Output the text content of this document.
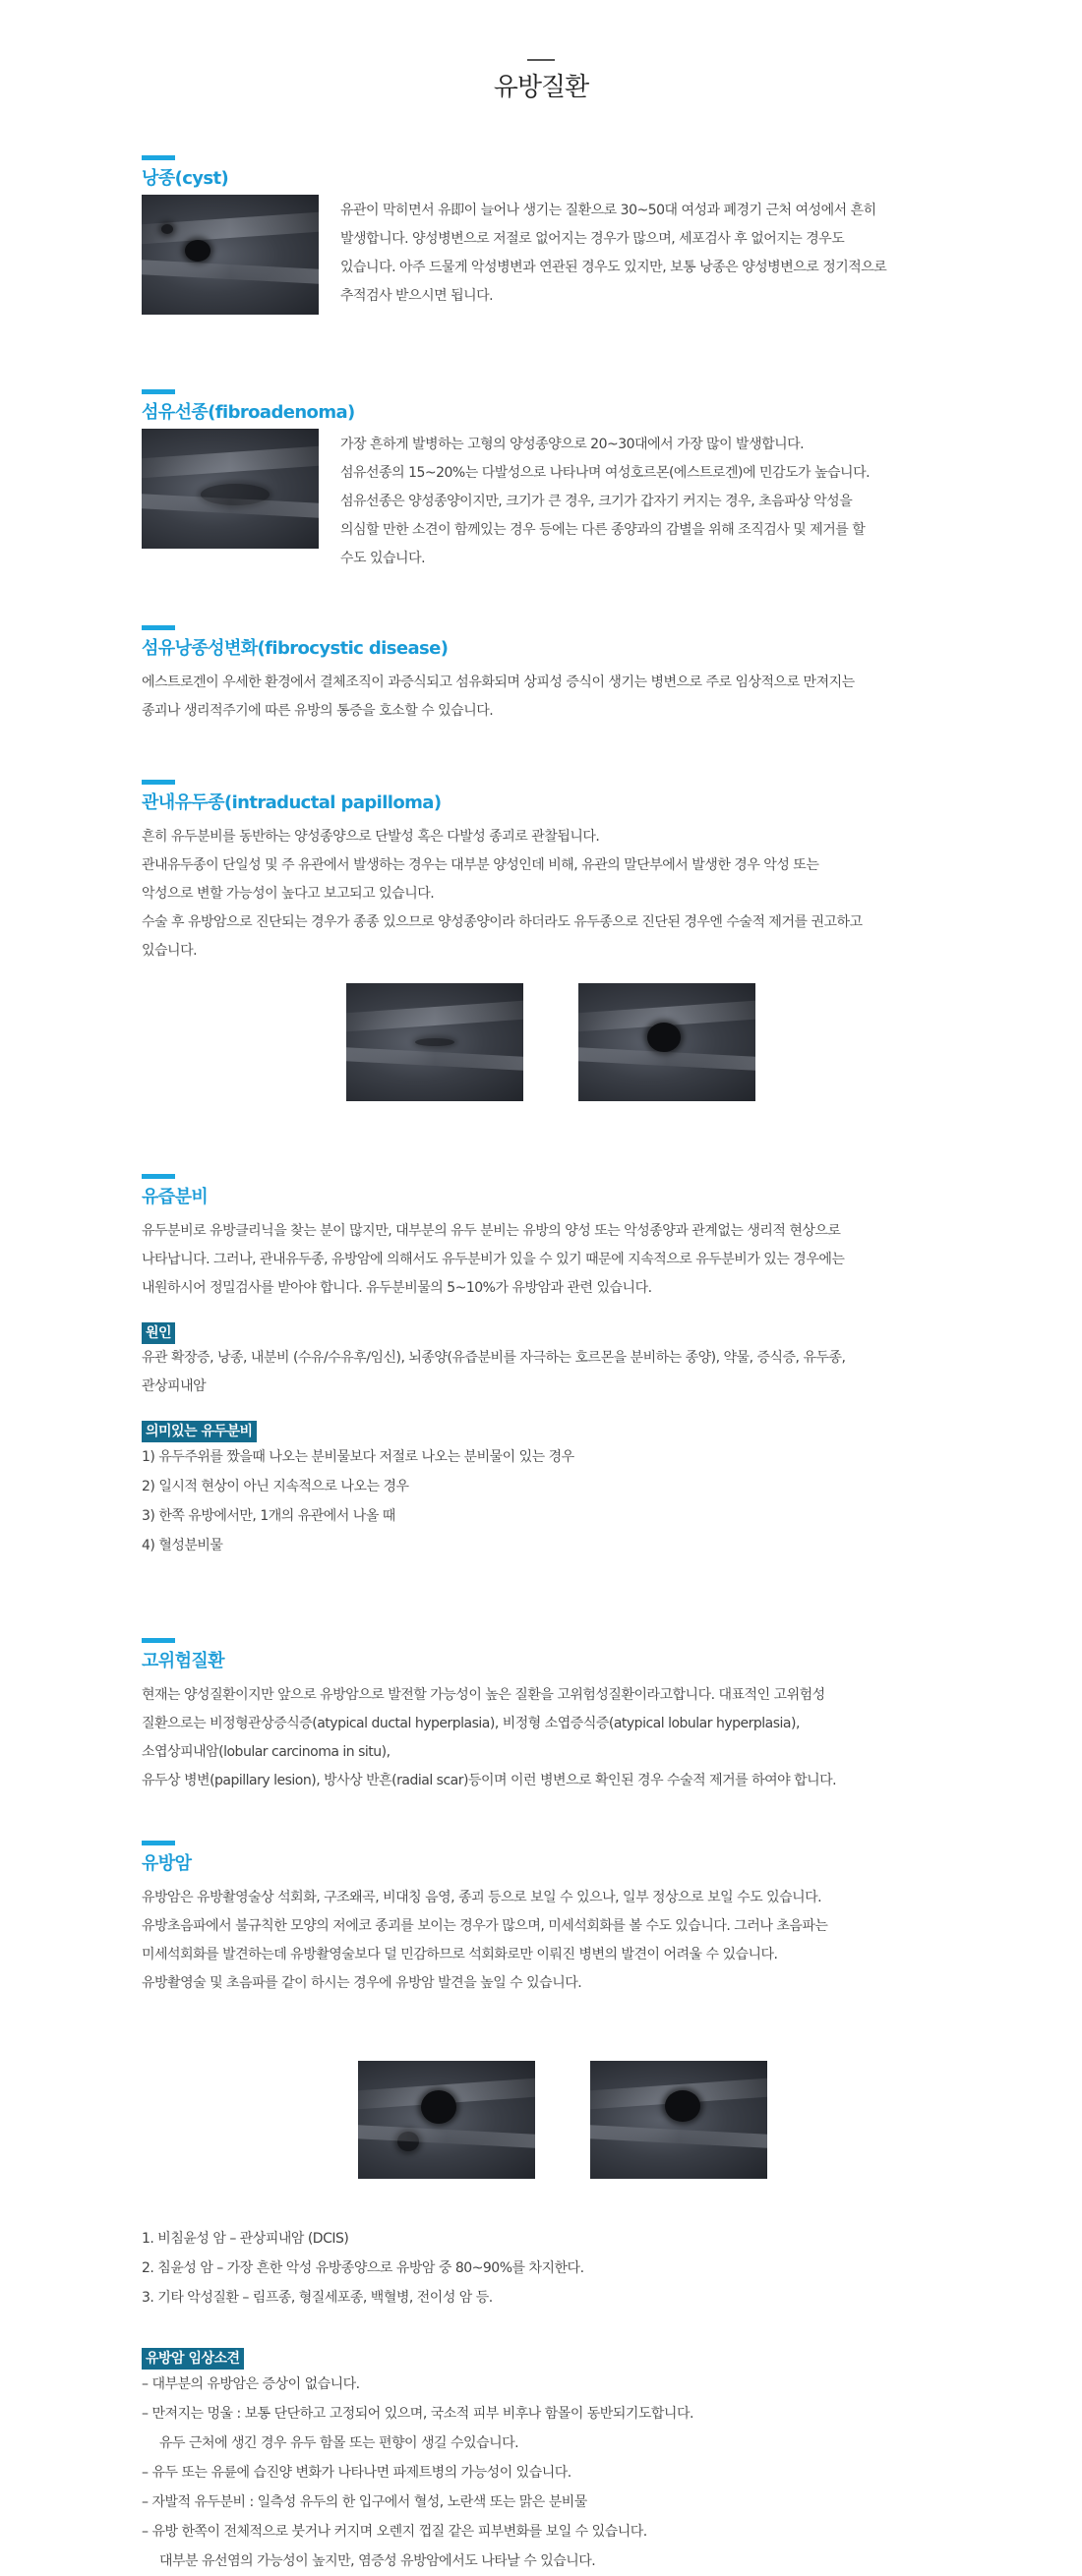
유방질환
낭종(cyst)
유관이 막히면서 유即이 늘어나 생기는 질환으로 30~50대 여성과 폐경기 근처 여성에서 흔히
발생합니다. 양성병변으로 저절로 없어지는 경우가 많으며, 세포검사 후 없어지는 경우도
있습니다. 아주 드물게 악성병변과 연관된 경우도 있지만, 보통 낭종은 양성병변으로 정기적으로
추적검사 받으시면 됩니다.
섬유선종(fibroadenoma)
가장 흔하게 발병하는 고형의 양성종양으로 20~30대에서 가장 많이 발생합니다.
섬유선종의 15~20%는 다발성으로 나타나며 여성호르몬(에스트로겐)에 민감도가 높습니다.
섬유선종은 양성종양이지만, 크기가 큰 경우, 크기가 갑자기 커지는 경우, 초음파상 악성을
의심할 만한 소견이 함께있는 경우 등에는 다른 종양과의 감별을 위해 조직검사 및 제거를 할
수도 있습니다.
섬유낭종성변화(fibrocystic disease)
에스트로겐이 우세한 환경에서 결체조직이 과증식되고 섬유화되며 상피성 증식이 생기는 병변으로 주로 임상적으로 만져지는
종괴나 생리적주기에 따른 유방의 통증을 호소할 수 있습니다.
관내유두종(intraductal papilloma)
흔히 유두분비를 동반하는 양성종양으로 단발성 혹은 다발성 종괴로 관찰됩니다.
관내유두종이 단일성 및 주 유관에서 발생하는 경우는 대부분 양성인데 비해, 유관의 말단부에서 발생한 경우 악성 또는
악성으로 변할 가능성이 높다고 보고되고 있습니다.
수술 후 유방암으로 진단되는 경우가 종종 있으므로 양성종양이라 하더라도 유두종으로 진단된 경우엔 수술적 제거를 권고하고
있습니다.
유즙분비
유두분비로 유방클리닉을 찾는 분이 많지만, 대부분의 유두 분비는 유방의 양성 또는 악성종양과 관계없는 생리적 현상으로
나타납니다. 그러나, 관내유두종, 유방암에 의해서도 유두분비가 있을 수 있기 때문에 지속적으로 유두분비가 있는 경우에는
내원하시어 정밀검사를 받아야 합니다. 유두분비물의 5~10%가 유방암과 관련 있습니다.
원인
유관 확장증, 낭종, 내분비 (수유/수유후/임신), 뇌종양(유즙분비를 자극하는 호르몬을 분비하는 종양), 약물, 증식증, 유두종,
관상피내암
의미있는 유두분비
1) 유두주위를 짰을때 나오는 분비물보다 저절로 나오는 분비물이 있는 경우
2) 일시적 현상이 아닌 지속적으로 나오는 경우
3) 한쪽 유방에서만, 1개의 유관에서 나올 때
4) 혈성분비물
고위험질환
현재는 양성질환이지만 앞으로 유방암으로 발전할 가능성이 높은 질환을 고위험성질환이라고합니다. 대표적인 고위험성
질환으로는 비정형관상증식증(atypical ductal hyperplasia), 비정형 소엽증식증(atypical lobular hyperplasia),
소엽상피내암(lobular carcinoma in situ),
유두상 병변(papillary lesion), 방사상 반흔(radial scar)등이며 이런 병변으로 확인된 경우 수술적 제거를 하여야 합니다.
유방암
유방암은 유방촬영술상 석회화, 구조왜곡, 비대칭 음영, 종괴 등으로 보일 수 있으나, 일부 정상으로 보일 수도 있습니다.
유방초음파에서 불규칙한 모양의 저에코 종괴를 보이는 경우가 많으며, 미세석회화를 볼 수도 있습니다. 그러나 초음파는
미세석회화를 발견하는데 유방촬영술보다 덜 민감하므로 석회화로만 이뤄진 병변의 발견이 어려울 수 있습니다.
유방촬영술 및 초음파를 같이 하시는 경우에 유방암 발견을 높일 수 있습니다.
1. 비침윤성 암 – 관상피내암 (DCIS)
2. 침윤성 암 – 가장 흔한 악성 유방종양으로 유방암 중 80~90%를 차지한다.
3. 기타 악성질환 – 림프종, 형질세포종, 백혈병, 전이성 암 등.
유방암 임상소견
– 대부분의 유방암은 증상이 없습니다.
– 만져지는 멍울 : 보통 단단하고 고정되어 있으며, 국소적 피부 비후나 함몰이 동반되기도합니다.
유두 근처에 생긴 경우 유두 함몰 또는 편향이 생길 수있습니다.
– 유두 또는 유륜에 습진양 변화가 나타나면 파제트병의 가능성이 있습니다.
– 자발적 유두분비 : 일측성 유두의 한 입구에서 혈성, 노란색 또는 맑은 분비물
– 유방 한쪽이 전체적으로 붓거나 커지며 오렌지 껍질 같은 피부변화를 보일 수 있습니다.
대부분 유선염의 가능성이 높지만, 염증성 유방암에서도 나타날 수 있습니다.
